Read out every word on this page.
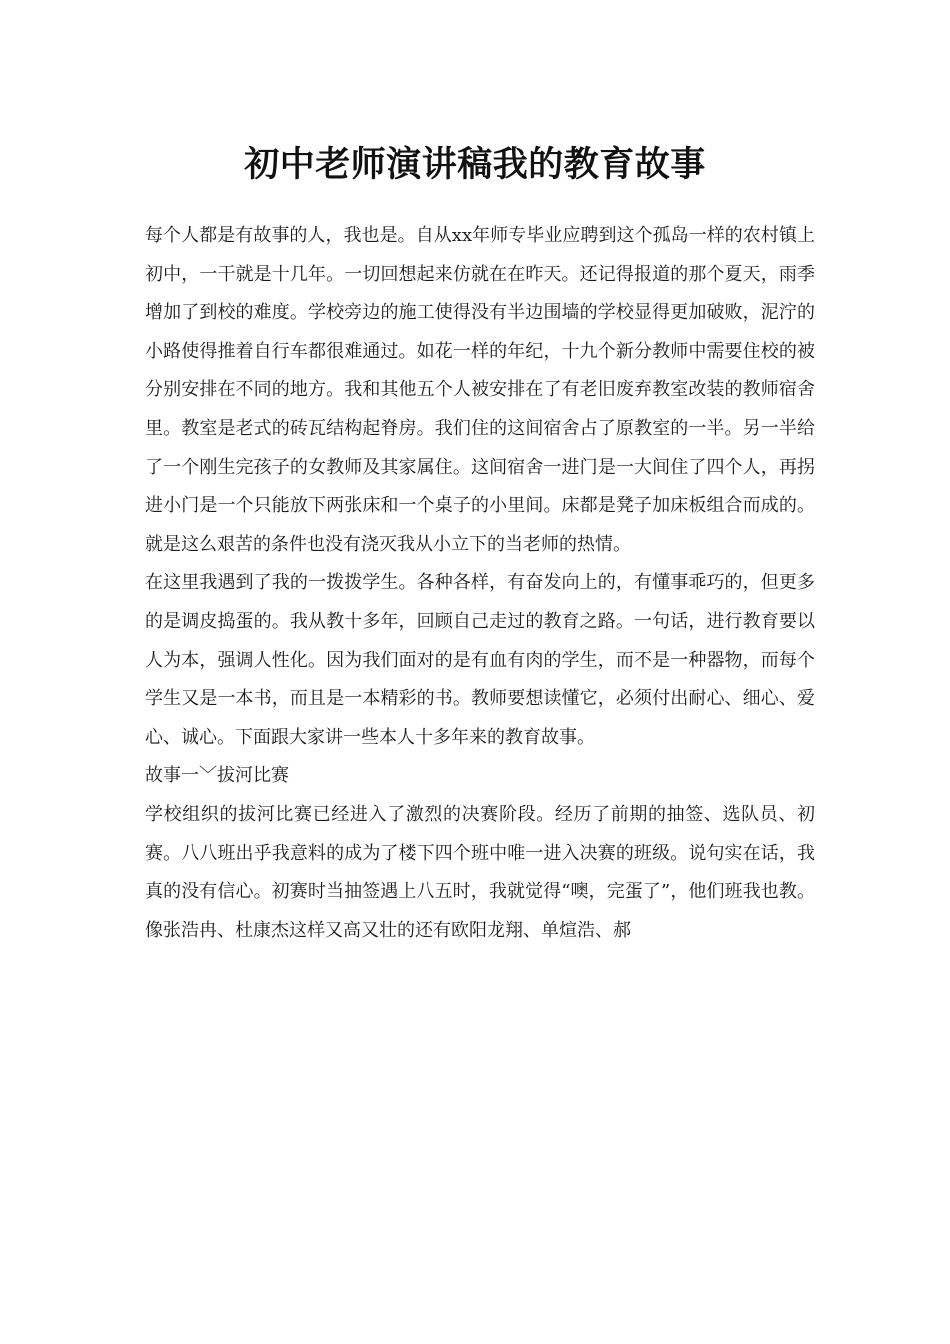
初中老师演讲稿我的教育故事

每个人都是有故事的人，我也是。自从xx年师专毕业应聘到这个孤岛一样的农村镇上初中，一干就是十几年。一切回想起来仿就在在昨天。还记得报道的那个夏天，雨季增加了到校的难度。学校旁边的施工使得没有半边围墙的学校显得更加破败，泥泞的小路使得推着自行车都很难通过。如花一样的年纪，十九个新分教师中需要住校的被分别安排在不同的地方。我和其他五个人被安排在了有老旧废弃教室改装的教师宿舍里。教室是老式的砖瓦结构起脊房。我们住的这间宿舍占了原教室的一半。另一半给了一个刚生完孩子的女教师及其家属住。这间宿舍一进门是一大间住了四个人，再拐进小门是一个只能放下两张床和一个桌子的小里间。床都是凳子加床板组合而成的。就是这么艰苦的条件也没有浇灭我从小立下的当老师的热情。

在这里我遇到了我的一拨拨学生。各种各样，有奋发向上的，有懂事乖巧的，但更多的是调皮捣蛋的。我从教十多年，回顾自己走过的教育之路。一句话，进行教育要以人为本，强调人性化。因为我们面对的是有血有肉的学生，而不是一种器物，而每个学生又是一本书，而且是一本精彩的书。教师要想读懂它，必须付出耐心、细心、爱心、诚心。下面跟大家讲一些本人十多年来的教育故事。

故事一﹀拔河比赛

学校组织的拔河比赛已经进入了激烈的决赛阶段。经历了前期的抽签、选队员、初赛。八八班出乎我意料的成为了楼下四个班中唯一进入决赛的班级。说句实在话，我真的没有信心。初赛时当抽签遇上八五时，我就觉得“噢，完蛋了”，他们班我也教。像张浩冉、杜康杰这样又高又壮的还有欧阳龙翔、单煊浩、郝
